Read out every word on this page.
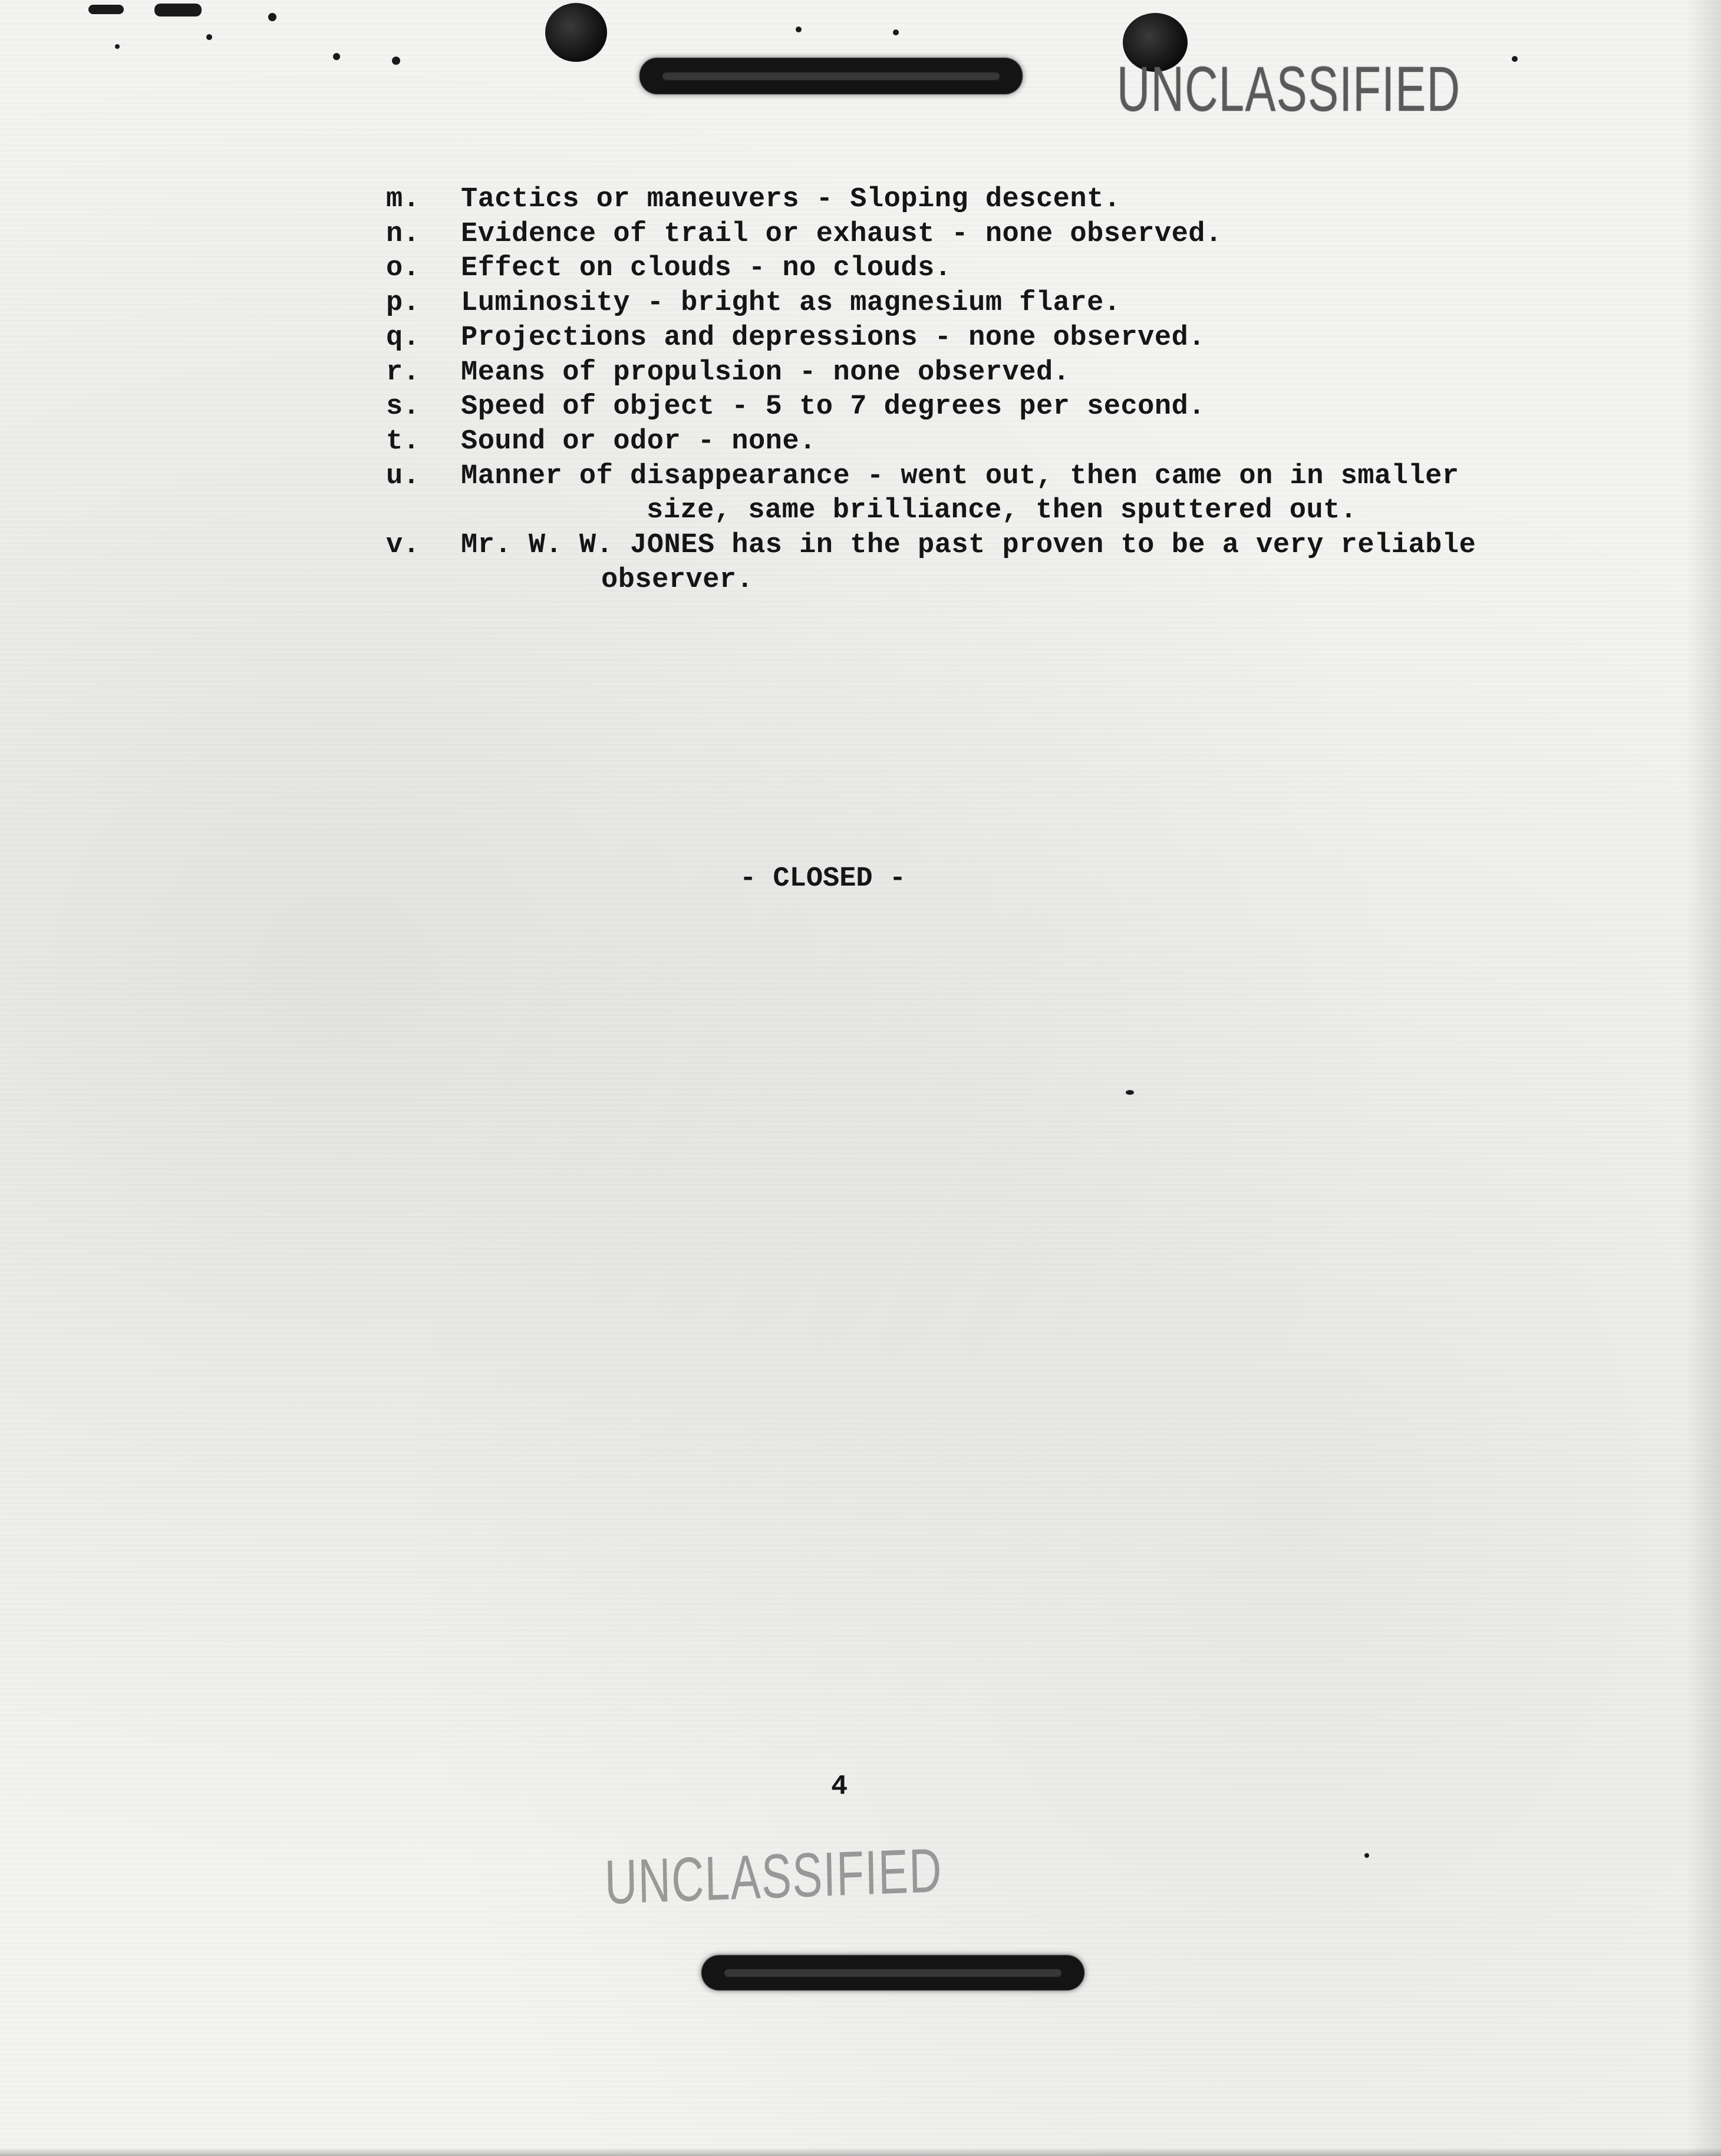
UNCLASSIFIED
m.	Tactics or maneuvers - Sloping descent.
n.	Evidence of trail or exhaust - none observed.
o.	Effect on clouds - no clouds.
p.	Luminosity - bright as magnesium flare.
q.	Projections and depressions - none observed.
r.	Means of propulsion - none observed.
s.	Speed of object - 5 to 7 degrees per second.
t.	Sound or odor - none.
u.	Manner of disappearance - went out, then came on in smaller
size, same brilliance, then sputtered out.
v.	Mr. W. W. JONES has in the past proven to be a very reliable
observer.
- CLOSED -
4
UNCLASSIFIED
